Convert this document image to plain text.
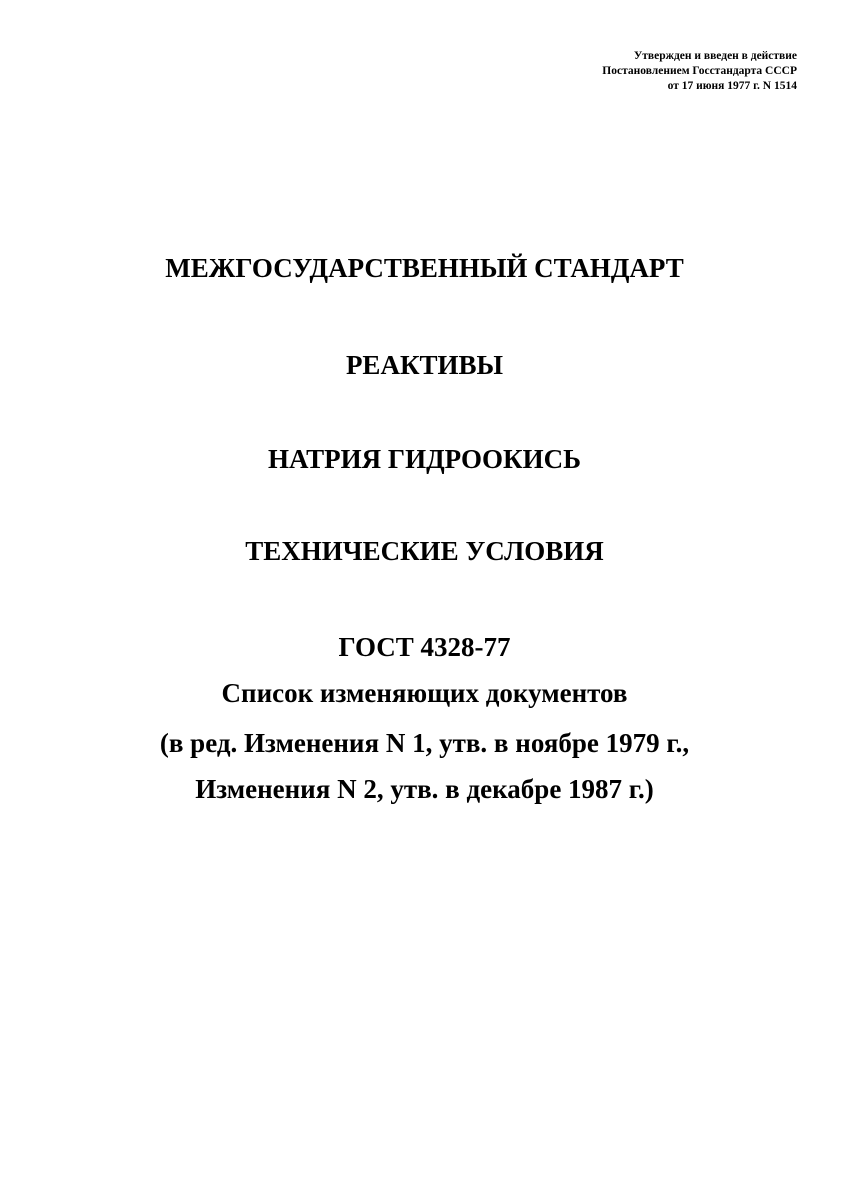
Утвержден и введен в действие
Постановлением Госстандарта СССР
от 17 июня 1977 г. N 1514
МЕЖГОСУДАРСТВЕННЫЙ СТАНДАРТ
РЕАКТИВЫ
НАТРИЯ ГИДРООКИСЬ
ТЕХНИЧЕСКИЕ УСЛОВИЯ
ГОСТ 4328-77
Список изменяющих документов
(в ред. Изменения N 1, утв. в ноябре 1979 г.,
Изменения N 2, утв. в декабре 1987 г.)
